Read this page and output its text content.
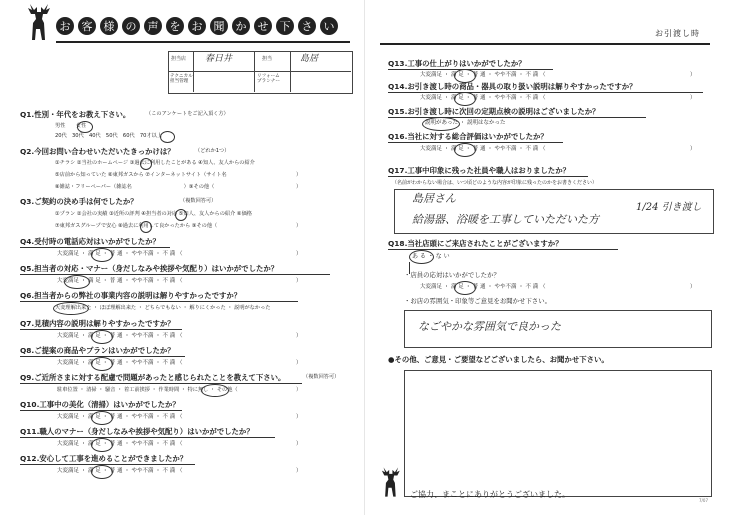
お	客	様	の	声	を	お	聞	か	せ	下	さ	い
担当店 春日井	担当	島居
テクニカル
担当管理
リフォーム
プランナー
Q1.性別・年代をお教え下さい。	（このアンケートをご記入頂く方）
男性　　女性
20代　30代　40代　50代　60代　70才以上
Q2.今回お問い合わせいただいたきっかけは？	（どれか1つ）
①チラシ ②当社のホームページ ③過去に利用したことがある ④知人、友人からの紹介
⑤店前から知っていた ⑥東邦ガスから ⑦インターネットサイト（サイト名
⑧雑誌・フリーペーパー（雑誌名　　　　　　　　　　）⑨その他（
）
）
Q3.ご契約の決め手は何でしたか？	（複数回答可）
①プラン ②会社の実績 ③近所の評判 ④担当者の対応 ⑤知人、友人からの紹介 ⑥価格
⑦東邦ガスグループで安心 ⑧過去に利用して良かったから ⑨その他（	）
Q4.受付時の電話応対はいかがでしたか？
大変満足 ・ 満 足 ・ 普 通 ・ やや不満 ・ 不 満 （	）
Q5.担当者の対応・マナー（身だしなみや挨拶や気配り）はいかがでしたか？
大変満足 ・ 満 足 ・ 普 通 ・ やや不満 ・ 不 満 （	）
Q6.担当者からの弊社の事業内容の説明は解りやすかったですか？
大変理解出来た ・ ほぼ理解出来た ・ どちらでもない ・ 解りにくかった ・ 説明がなかった
Q7.見積内容の説明は解りやすかったですか？
大変満足 ・ 満 足 ・ 普 通 ・ やや不満 ・ 不 満 （	）
Q8.ご提案の商品やプランはいかがでしたか？
大変満足 ・ 満 足 ・ 普 通 ・ やや不満 ・ 不 満 （	）
Q9.ご近所さまに対する配慮で問題があったと感じられたことを教えて下さい。	（複数回答可）
駐車位置 ・ 清掃 ・ 騒音 ・ 着工前挨拶 ・ 作業時間 ・ 特に無し ・ その他（	）
Q10.工事中の美化（清掃）はいかがでしたか？
大変満足 ・ 満 足 ・ 普 通 ・ やや不満 ・ 不 満 （	）
Q11.職人のマナー（身だしなみや挨拶や気配り）はいかがでしたか？
大変満足 ・ 満 足 ・ 普 通 ・ やや不満 ・ 不 満 （	）
Q12.安心して工事を進めることができましたか？
大変満足 ・ 満 足 ・ 普 通 ・ やや不満 ・ 不 満 （	）
お引渡し時
Q13.工事の仕上がりはいかがでしたか？
大変満足 ・ 満 足 ・ 普 通 ・ やや不満 ・ 不 満 （	）
Q14.お引き渡し時の商品・器具の取り扱い説明は解りやすかったですか？
大変満足 ・ 満 足 ・ 普 通 ・ やや不満 ・ 不 満 （	）
Q15.お引き渡し時に次回の定期点検の説明はございましたか？
説明があった ・ 説明はなかった
Q16.当社に対する総合評価はいかがでしたか？
大変満足 ・ 満 足 ・ 普 通 ・ やや不満 ・ 不 満 （	）
Q17.工事中印象に残った社員や職人はおりましたか？
（名前がわからない場合は、いつ頃どのような内容が印象に残ったのかをお書きください）
島居さん
1/24 引き渡し
給湯器、浴暖を工事していただいた方
Q18.当社店頭にご来店されたことがございますか？
あ る ・ な い
・店員の応対はいかがでしたか？
大変満足 ・ 満 足 ・ 普 通 ・ やや不満 ・ 不 満 （	）
・お店の雰囲気・印象等ご意見をお聞かせ下さい。
なごやかな雰囲気で良かった
●その他、ご意見・ご要望などございましたら、お聞かせ下さい。
ご協力、まことにありがとうございました。
7/07
